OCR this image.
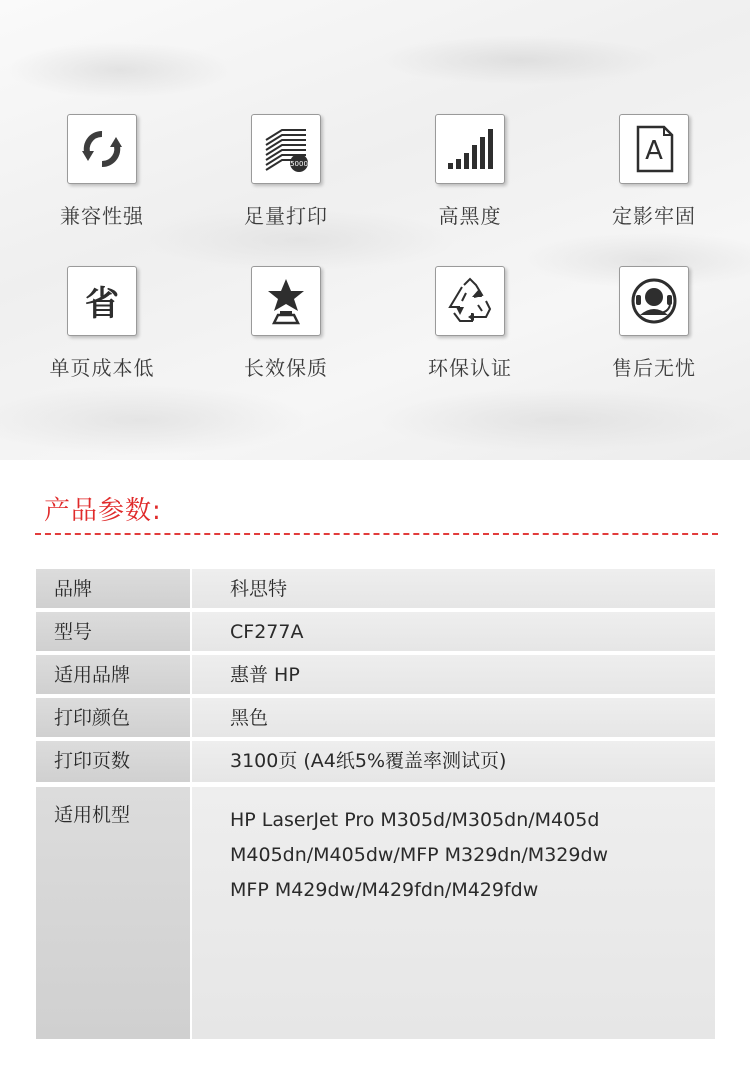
兼容性强
5000
足量打印	高黑度
A
定影牢固
省
单页成本低	长效保质	环保认证	售后无忧
产品参数:
品牌	科思特
型号	CF277A
适用品牌	惠普 HP
打印颜色	黑色
打印页数	3100页 (A4纸5%覆盖率测试页)
适用机型	HP LaserJet Pro M305d/M305dn/M405d
M405dn/M405dw/MFP M329dn/M329dw
MFP M429dw/M429fdn/M429fdw
